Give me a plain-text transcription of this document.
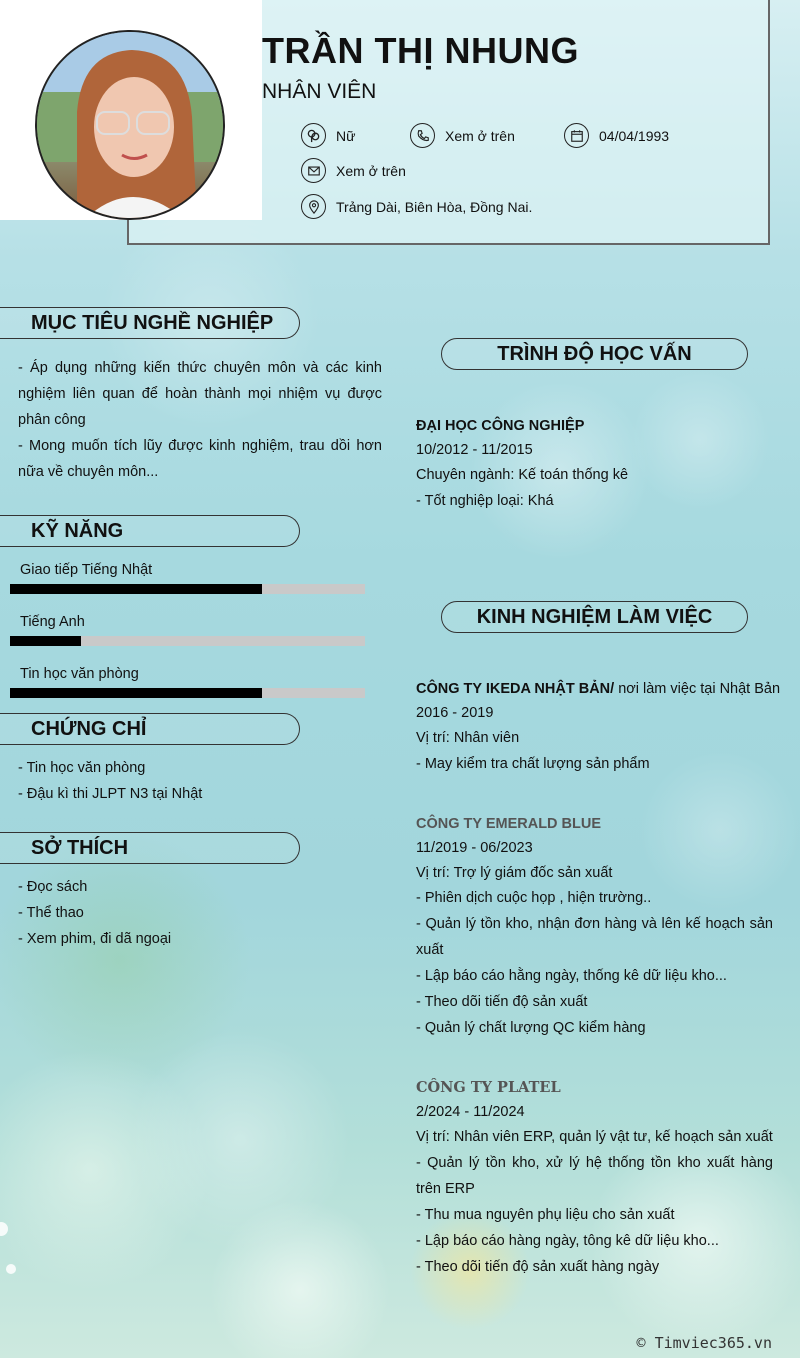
TRẦN THỊ NHUNG
NHÂN VIÊN
Nữ	Xem ở trên	04/04/1993
Xem ở trên
Trảng Dài, Biên Hòa, Đồng Nai.
MỤC TIÊU NGHỀ NGHIỆP
- Áp dụng những kiến thức chuyên môn và các kinh nghiệm liên quan để hoàn thành mọi nhiệm vụ được phân công
- Mong muốn tích lũy được kinh nghiệm, trau dồi hơn nữa về chuyên môn...
KỸ NĂNG
Giao tiếp Tiếng Nhật
Tiếng Anh
Tin học văn phòng
CHỨNG CHỈ
- Tin học văn phòng
- Đậu kì thi JLPT N3 tại Nhật
SỞ THÍCH
- Đọc sách
- Thể thao
- Xem phim, đi dã ngoại
TRÌNH ĐỘ HỌC VẤN
ĐẠI HỌC CÔNG NGHIỆP
10/2012 - 11/2015
Chuyên ngành: Kế toán thống kê
- Tốt nghiệp loại: Khá
KINH NGHIỆM LÀM VIỆC
CÔNG TY IKEDA NHẬT BẢN/ nơi làm việc tại Nhật Bản
2016 - 2019
Vị trí: Nhân viên
- May kiểm tra chất lượng sản phẩm
CÔNG TY EMERALD BLUE
11/2019 - 06/2023
Vị trí: Trợ lý giám đốc sản xuất
- Phiên dịch cuộc họp , hiện trường..
- Quản lý tồn kho, nhận đơn hàng và lên kế hoạch sản xuất
- Lập báo cáo hằng ngày, thống kê dữ liệu kho...
- Theo dõi tiến độ sản xuất
- Quản lý chất lượng QC kiểm hàng
CÔNG TY PLATEL
2/2024 - 11/2024
Vị trí: Nhân viên ERP, quản lý vật tư, kế hoạch sản xuất
- Quản lý tồn kho, xử lý hệ thống tồn kho xuất hàng trên ERP
- Thu mua nguyên phụ liệu cho sản xuất
- Lập báo cáo hàng ngày, tông kê dữ liệu kho...
- Theo dõi tiến độ sản xuất hàng ngày
© Timviec365.vn
